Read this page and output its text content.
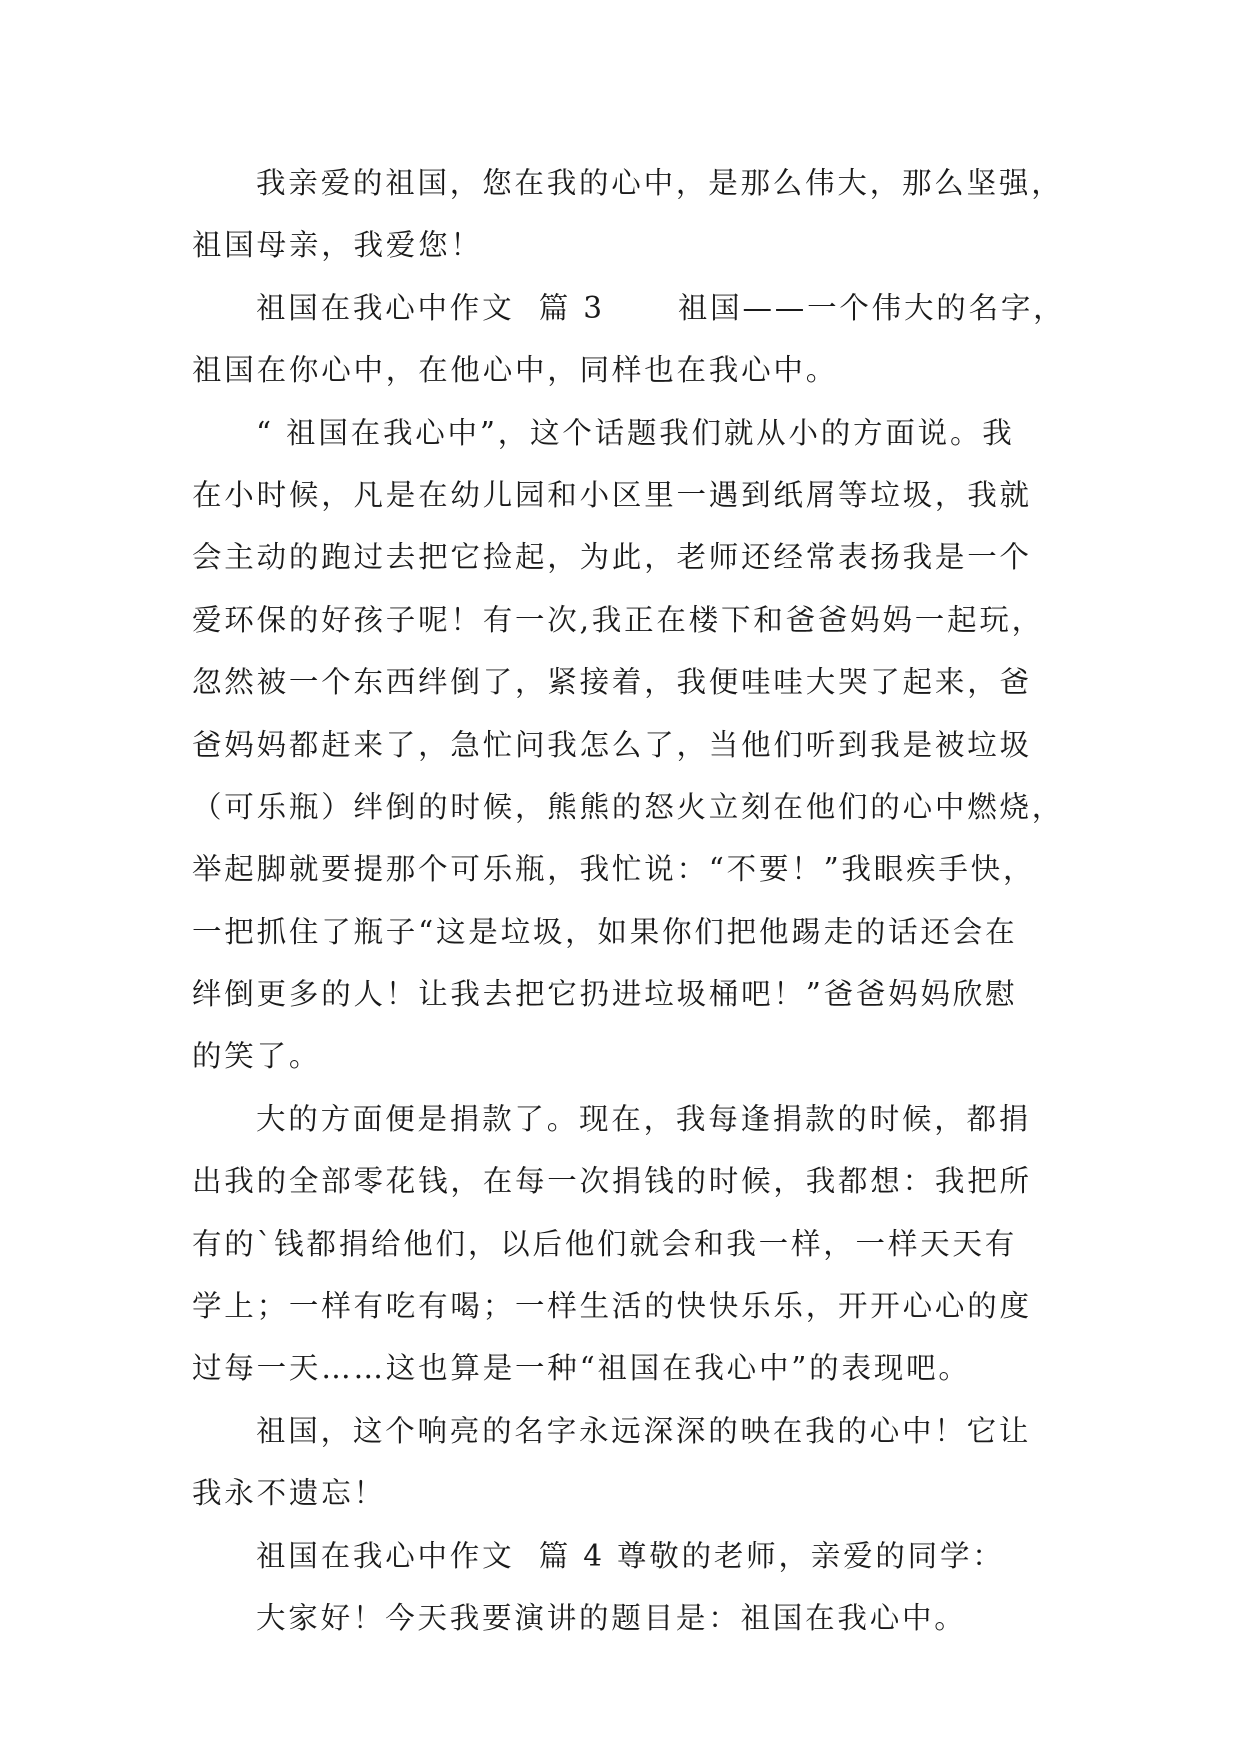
我亲爱的祖国，您在我的心中，是那么伟大，那么坚强，
祖国母亲，我爱您！
祖国在我心中作文  篇 3      祖国——一个伟大的名字，
祖国在你心中，在他心中，同样也在我心中。
“ 祖国在我心中”，这个话题我们就从小的方面说。我
在小时候，凡是在幼儿园和小区里一遇到纸屑等垃圾，我就
会主动的跑过去把它捡起，为此，老师还经常表扬我是一个
爱环保的好孩子呢！有一次,我正在楼下和爸爸妈妈一起玩，
忽然被一个东西绊倒了，紧接着，我便哇哇大哭了起来，爸
爸妈妈都赶来了，急忙问我怎么了，当他们听到我是被垃圾
（可乐瓶）绊倒的时候，熊熊的怒火立刻在他们的心中燃烧，
举起脚就要提那个可乐瓶，我忙说：“不要！”我眼疾手快，
一把抓住了瓶子“这是垃圾，如果你们把他踢走的话还会在
绊倒更多的人！让我去把它扔进垃圾桶吧！”爸爸妈妈欣慰
的笑了。
大的方面便是捐款了。现在，我每逢捐款的时候，都捐
出我的全部零花钱，在每一次捐钱的时候，我都想：我把所
有的`钱都捐给他们，以后他们就会和我一样，一样天天有
学上；一样有吃有喝；一样生活的快快乐乐，开开心心的度
过每一天……这也算是一种“祖国在我心中”的表现吧。
祖国，这个响亮的名字永远深深的映在我的心中！它让
我永不遗忘！
祖国在我心中作文  篇 4 尊敬的老师，亲爱的同学：
大家好！今天我要演讲的题目是：祖国在我心中。
